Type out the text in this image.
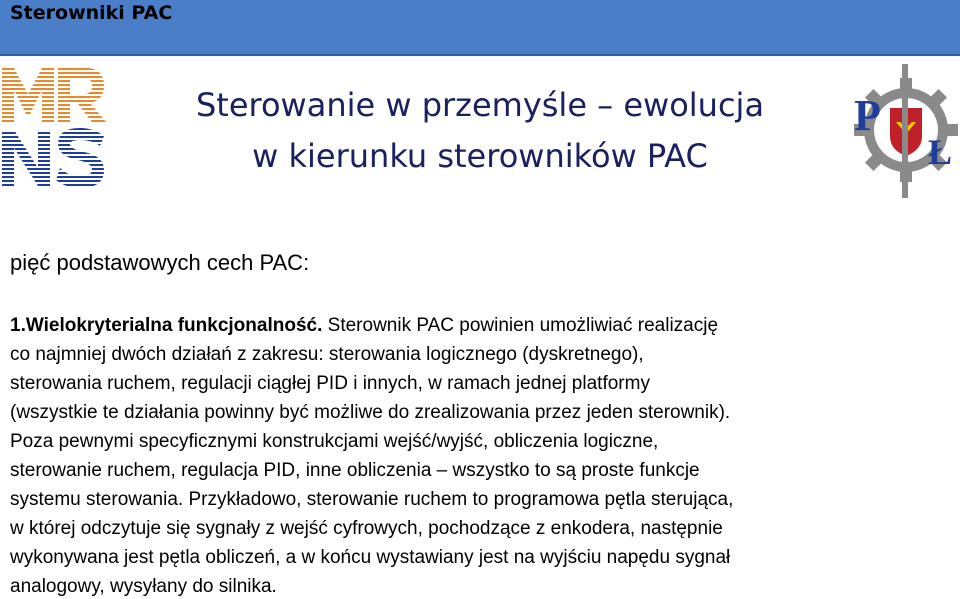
Sterowniki PAC
Sterowanie w przemyśle – ewolucja
w kierunku sterowników PAC
P
Ł
pięć podstawowych cech PAC:
1.Wielokryterialna funkcjonalność. Sterownik PAC powinien umożliwiać realizację
co najmniej dwóch działań z zakresu: sterowania logicznego (dyskretnego),
sterowania ruchem, regulacji ciągłej PID i innych, w ramach jednej platformy
(wszystkie te działania powinny być możliwe do zrealizowania przez jeden sterownik).
Poza pewnymi specyficznymi konstrukcjami wejść/wyjść, obliczenia logiczne,
sterowanie ruchem, regulacja PID, inne obliczenia – wszystko to są proste funkcje
systemu sterowania. Przykładowo, sterowanie ruchem to programowa pętla sterująca,
w której odczytuje się sygnały z wejść cyfrowych, pochodzące z enkodera, następnie
wykonywana jest pętla obliczeń, a w końcu wystawiany jest na wyjściu napędu sygnał
analogowy, wysyłany do silnika.
